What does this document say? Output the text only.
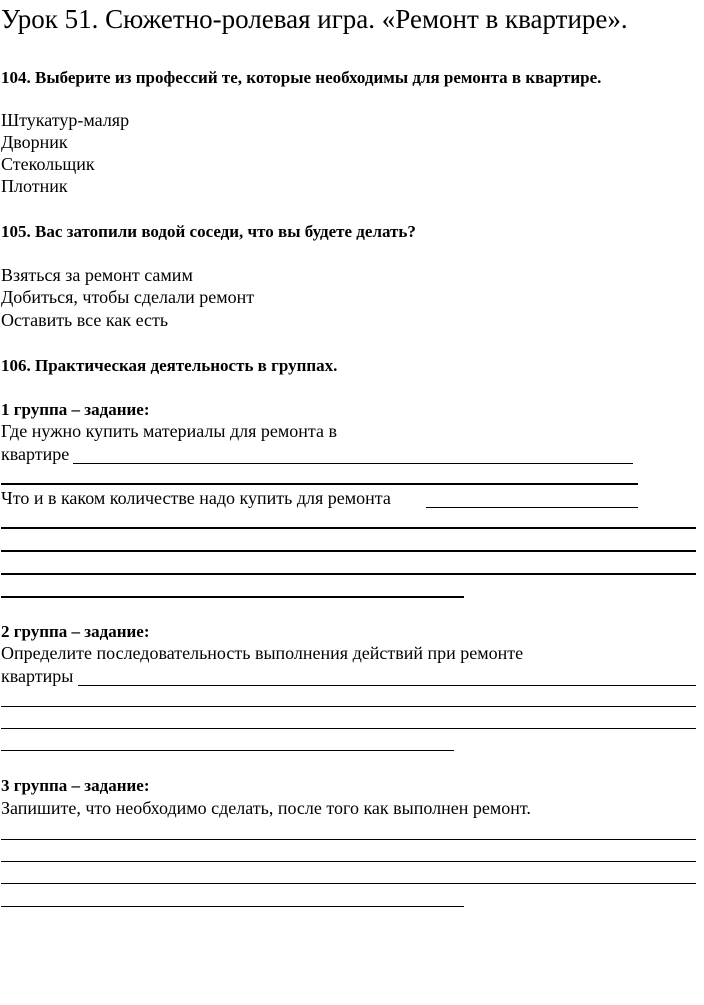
Урок 51. Сюжетно-ролевая игра. «Ремонт в квартире».
104. Выберите из профессий те, которые необходимы для ремонта в квартире.
Штукатур-маляр
Дворник
Стекольщик
Плотник
105. Вас затопили водой соседи, что вы будете делать?
Взяться за ремонт самим
Добиться, чтобы сделали ремонт
Оставить все как есть
106. Практическая деятельность в группах.
1 группа – задание:
Где нужно купить материалы для ремонта в
квартире
Что и в каком количестве надо купить для ремонта
2 группа – задание:
Определите последовательность выполнения действий при ремонте
квартиры
3 группа – задание:
Запишите, что необходимо сделать, после того как выполнен ремонт.
